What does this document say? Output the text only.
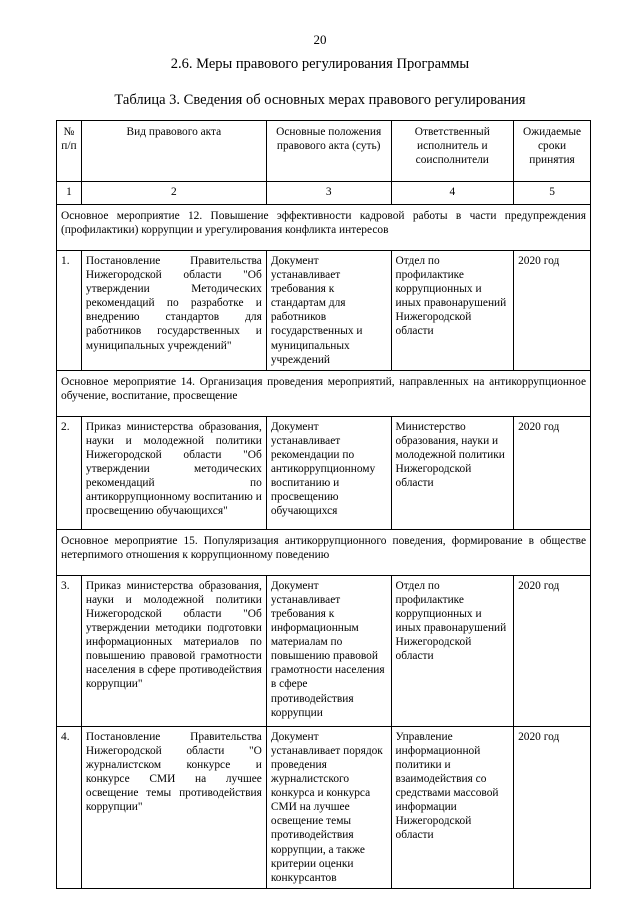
20
2.6. Меры правового регулирования Программы
Таблица 3. Сведения об основных мерах правового регулирования
№ п/п	Вид правового акта	Основные положения правового акта (суть)	Ответственный исполнитель и соисполнители	Ожидаемые сроки принятия
1	2	3	4	5
Основное мероприятие 12. Повышение эффективности кадровой работы в части предупреждения (профилактики) коррупции и урегулирования конфликта интересов				
1.	Постановление Правительства Нижегородской области "Об утверждении Методических рекомендаций по разработке и внедрению стандартов для работников государственных и муниципальных учреждений"	Документ устанавливает требования к стандартам для работников государственных и муниципальных учреждений	Отдел по профилактике коррупционных и иных правонарушений Нижегородской области	2020 год
Основное мероприятие 14. Организация проведения мероприятий, направленных на антикоррупционное обучение, воспитание, просвещение				
2.	Приказ министерства образования, науки и молодежной политики Нижегородской области "Об утверждении методических рекомендаций по антикоррупционному воспитанию и просвещению обучающихся"	Документ устанавливает рекомендации по антикоррупционному воспитанию и просвещению обучающихся	Министерство образования, науки и молодежной политики Нижегородской области	2020 год
Основное мероприятие 15. Популяризация антикоррупционного поведения, формирование в обществе нетерпимого отношения к коррупционному поведению				
3.	Приказ министерства образования, науки и молодежной политики Нижегородской области "Об утверждении методики подготовки информационных материалов по повышению правовой грамотности населения в сфере противодействия коррупции"	Документ устанавливает требования к информационным материалам по повышению правовой грамотности населения в сфере противодействия коррупции	Отдел по профилактике коррупционных и иных правонарушений Нижегородской области	2020 год
4.	Постановление Правительства Нижегородской области "О журналистском конкурсе и конкурсе СМИ на лучшее освещение темы противодействия коррупции"	Документ устанавливает порядок проведения журналистского конкурса и конкурса СМИ на лучшее освещение темы противодействия коррупции, а также критерии оценки конкурсантов	Управление информационной политики и взаимодействия со средствами массовой информации Нижегородской области	2020 год
